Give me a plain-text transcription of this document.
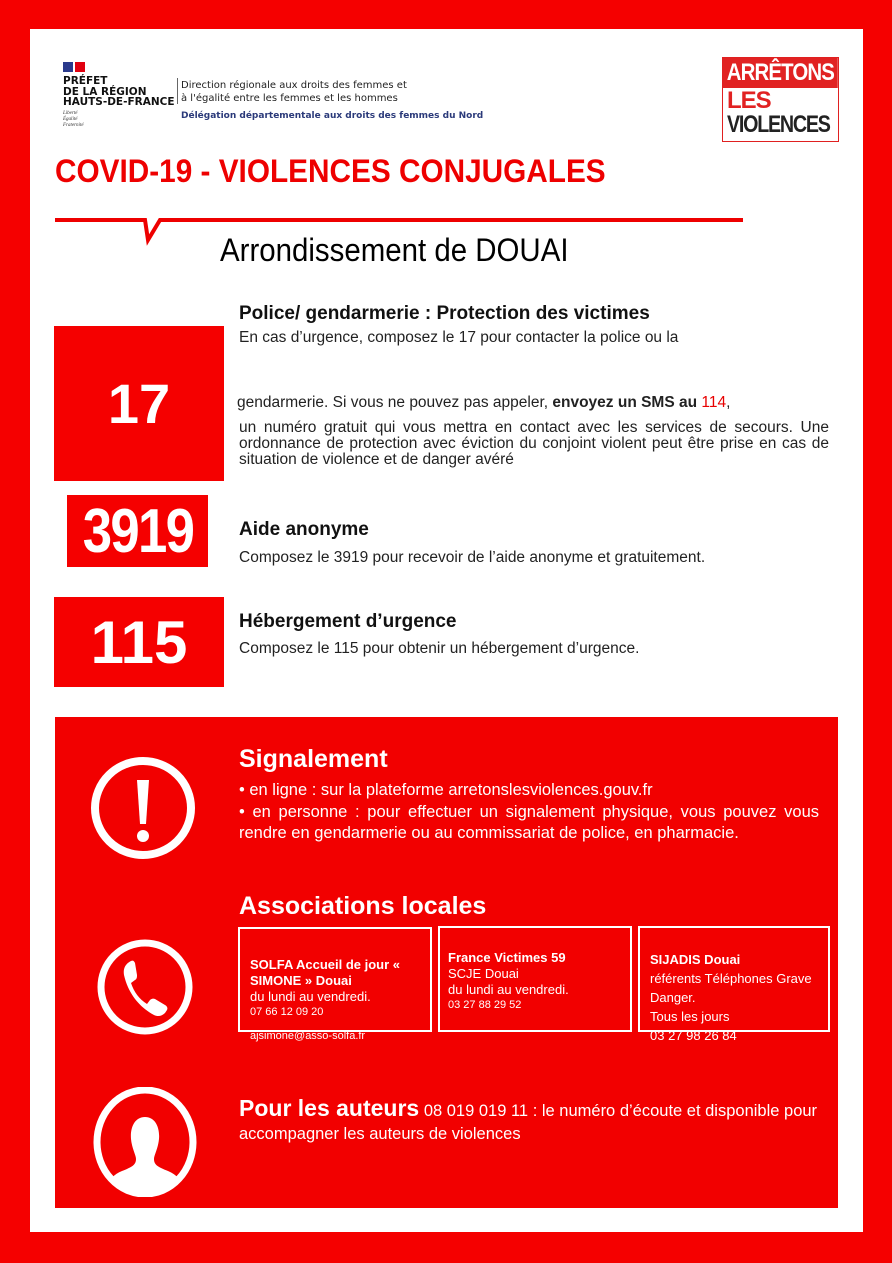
PRÉFET
DE LA RÉGION
HAUTS-DE-FRANCE
Liberté
Égalité
Fraternité
Direction régionale aux droits des femmes et
à l'égalité entre les femmes et les hommes
Délégation départementale aux droits des femmes du Nord
ARRÊTONS
LES
VIOLENCES
COVID-19 - VIOLENCES CONJUGALES
Arrondissement de DOUAI
17
Police/ gendarmerie : Protection des victimes
En cas d’urgence, composez le 17 pour contacter la police ou la
gendarmerie. Si vous ne pouvez pas appeler, envoyez un SMS au 114,
un numéro gratuit qui vous mettra en contact avec les services de secours. Une ordonnance de protection avec éviction du conjoint violent peut être prise en cas de situation de violence et de danger avéré
3919 Aide anonyme
Composez le 3919 pour recevoir de l’aide anonyme et gratuitement.
115	Hébergement d’urgence
Composez le 115 pour obtenir un hébergement d’urgence.
Signalement
• en ligne : sur la plateforme arretonslesviolences.gouv.fr
• en personne : pour effectuer un signalement physique, vous pouvez vous rendre en gendarmerie ou au commissariat de police, en pharmacie.
Associations locales
SOLFA Accueil de jour « SIMONE » Douai
du lundi au vendredi.
07 66 12 09 20
ajsimone@asso-solfa.fr
France Victimes 59
SCJE Douai
du lundi au vendredi.
03 27 88 29 52
SIJADIS Douai
référents Téléphones Grave Danger.
Tous les jours
03 27 98 26 84
Pour les auteurs 08 019 019 11 : le numéro d’écoute et disponible pour accompagner les auteurs de violences
